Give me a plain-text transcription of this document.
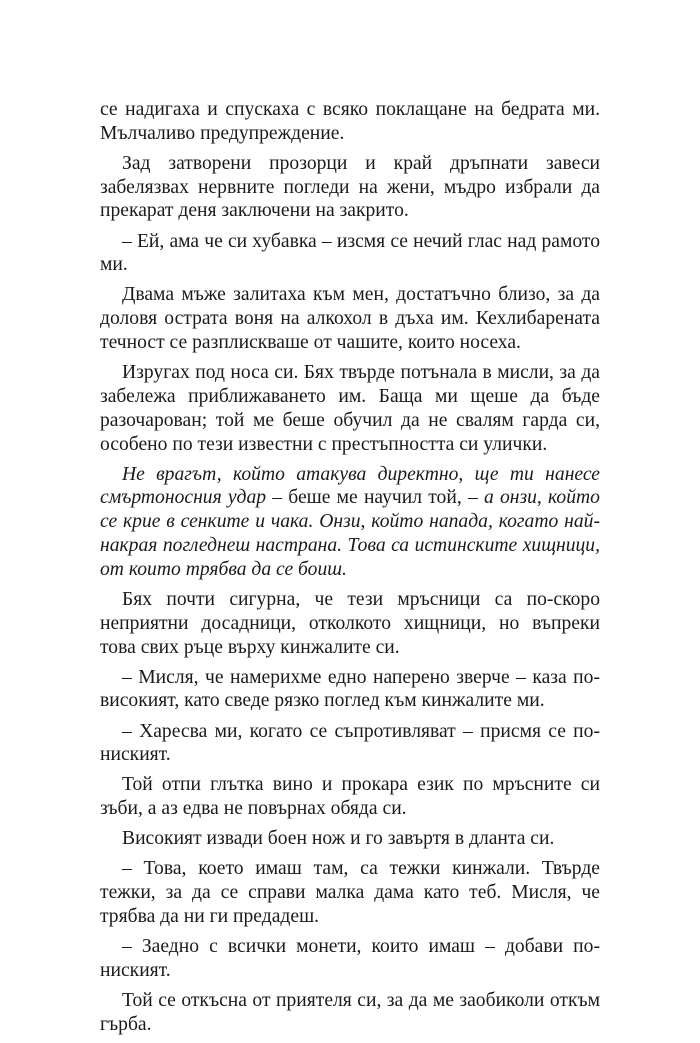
се надигаха и спускаха с всяко поклащане на бедрата ми. Мълчаливо предупреждение.

Зад затворени прозорци и край дръпнати завеси забелязвах нервните погледи на жени, мъдро избрали да прекарат деня заключени на закрито.

– Ей, ама че си хубавка – изсмя се нечий глас над рамото ми.

Двама мъже залитаха към мен, достатъчно близо, за да доловя острата воня на алкохол в дъха им. Кехлибарената течност се разплискваше от чашите, които носеха.

Изругах под носа си. Бях твърде потънала в мисли, за да забележа приближаването им. Баща ми щеше да бъде разочарован; той ме беше обучил да не свалям гарда си, особено по тези известни с престъпността си улички.

Не врагът, който атакува директно, ще ти нанесе смъртоносния удар – беше ме научил той, – а онзи, който се крие в сенките и чака. Онзи, който напада, когато най-накрая погледнеш настрана. Това са истинските хищници, от които трябва да се боиш.

Бях почти сигурна, че тези мръсници са по-скоро неприятни досадници, отколкото хищници, но въпреки това свих ръце върху кинжалите си.

– Мисля, че намерихме едно наперено зверче – каза по-високият, като сведе рязко поглед към кинжалите ми.

– Харесва ми, когато се съпротивляват – присмя се по-ниският.

Той отпи глътка вино и прокара език по мръсните си зъби, а аз едва не повърнах обяда си.

Високият извади боен нож и го завъртя в дланта си.

– Това, което имаш там, са тежки кинжали. Твърде тежки, за да се справи малка дама като теб. Мисля, че трябва да ни ги предадеш.

– Заедно с всички монети, които имаш – добави по-ниският.

Той се откъсна от приятеля си, за да ме заобиколи откъм гърба.
